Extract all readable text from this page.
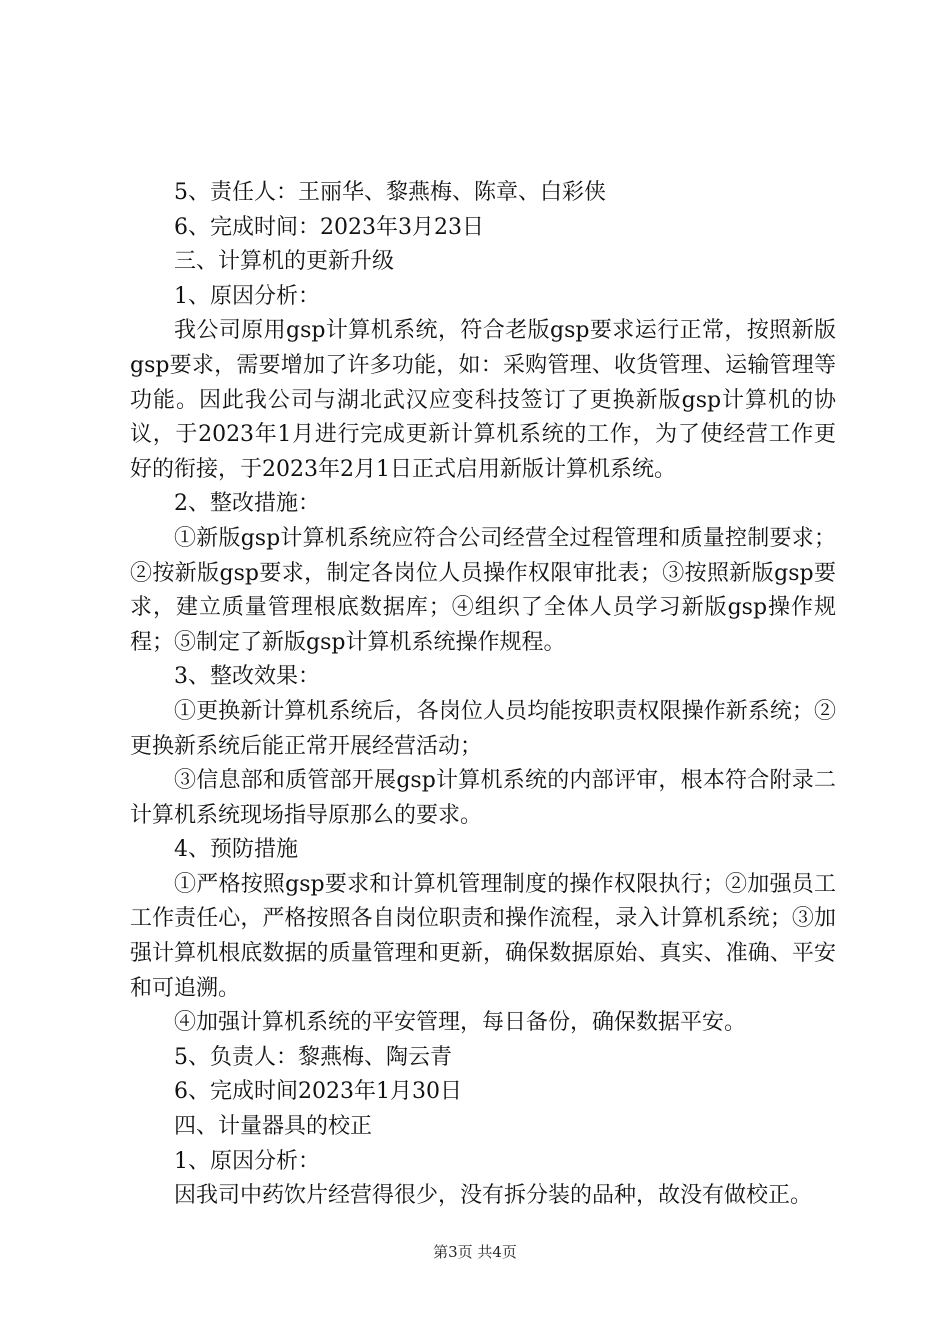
5、责任人：王丽华、黎燕梅、陈章、白彩侠

6、完成时间：2023年3月23日

三、计算机的更新升级

1、原因分析：

我公司原用gsp计算机系统，符合老版gsp要求运行正常，按照新版gsp要求，需要增加了许多功能，如：采购管理、收货管理、运输管理等功能。因此我公司与湖北武汉应变科技签订了更换新版gsp计算机的协议，于2023年1月进行完成更新计算机系统的工作，为了使经营工作更好的衔接，于2023年2月1日正式启用新版计算机系统。

2、整改措施：

①新版gsp计算机系统应符合公司经营全过程管理和质量控制要求；②按新版gsp要求，制定各岗位人员操作权限审批表；③按照新版gsp要求，建立质量管理根底数据库；④组织了全体人员学习新版gsp操作规程；⑤制定了新版gsp计算机系统操作规程。

3、整改效果：

①更换新计算机系统后，各岗位人员均能按职责权限操作新系统；②更换新系统后能正常开展经营活动；

③信息部和质管部开展gsp计算机系统的内部评审，根本符合附录二计算机系统现场指导原那么的要求。

4、预防措施

①严格按照gsp要求和计算机管理制度的操作权限执行；②加强员工工作责任心，严格按照各自岗位职责和操作流程，录入计算机系统；③加强计算机根底数据的质量管理和更新，确保数据原始、真实、准确、平安和可追溯。

④加强计算机系统的平安管理，每日备份，确保数据平安。

5、负责人：黎燕梅、陶云青

6、完成时间2023年1月30日

四、计量器具的校正

1、原因分析：

因我司中药饮片经营得很少，没有拆分装的品种，故没有做校正。

第3页 共4页
